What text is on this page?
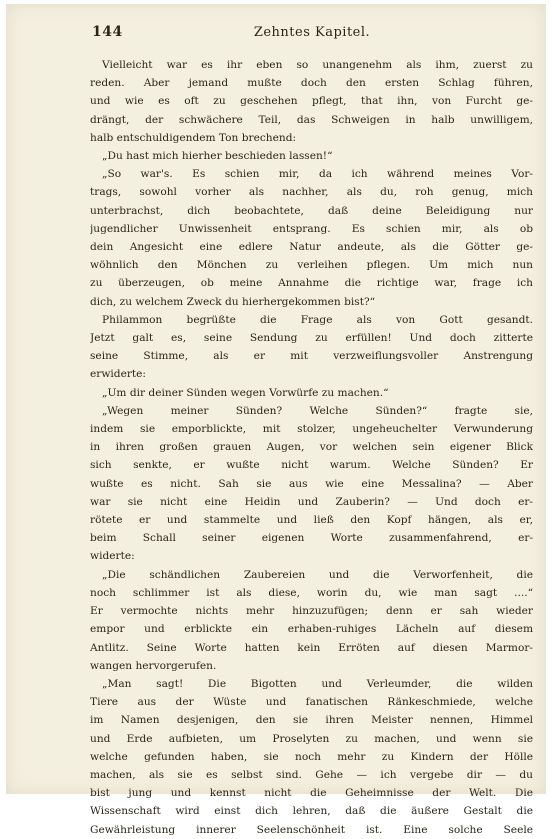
144	Zehntes Kapitel.
Vielleicht war es ihr eben so unangenehm als ihm, zuerst zu
reden. Aber jemand mußte doch den ersten Schlag führen,
und wie es oft zu geschehen pflegt, that ihn, von Furcht ge-
drängt, der schwächere Teil, das Schweigen in halb unwilligem,
halb entschuldigendem Ton brechend:
„Du hast mich hierher beschieden lassen!“
„So war's. Es schien mir, da ich während meines Vor-
trags, sowohl vorher als nachher, als du, roh genug, mich
unterbrachst, dich beobachtete, daß deine Beleidigung nur
jugendlicher Unwissenheit entsprang. Es schien mir, als ob
dein Angesicht eine edlere Natur andeute, als die Götter ge-
wöhnlich den Mönchen zu verleihen pflegen. Um mich nun
zu überzeugen, ob meine Annahme die richtige war, frage ich
dich, zu welchem Zweck du hierhergekommen bist?“
Philammon begrüßte die Frage als von Gott gesandt.
Jetzt galt es, seine Sendung zu erfüllen! Und doch zitterte
seine Stimme, als er mit verzweiflungsvoller Anstrengung
erwiderte:
„Um dir deiner Sünden wegen Vorwürfe zu machen.“
„Wegen meiner Sünden? Welche Sünden?“ fragte sie,
indem sie emporblickte, mit stolzer, ungeheuchelter Verwunderung
in ihren großen grauen Augen, vor welchen sein eigener Blick
sich senkte, er wußte nicht warum. Welche Sünden? Er
wußte es nicht. Sah sie aus wie eine Messalina? — Aber
war sie nicht eine Heidin und Zauberin? — Und doch er-
rötete er und stammelte und ließ den Kopf hängen, als er,
beim Schall seiner eigenen Worte zusammenfahrend, er-
widerte:
„Die schändlichen Zaubereien und die Verworfenheit, die
noch schlimmer ist als diese, worin du, wie man sagt ....“
Er vermochte nichts mehr hinzuzufügen; denn er sah wieder
empor und erblickte ein erhaben-ruhiges Lächeln auf diesem
Antlitz. Seine Worte hatten kein Erröten auf diesen Marmor-
wangen hervorgerufen.
„Man sagt! Die Bigotten und Verleumder, die wilden
Tiere aus der Wüste und fanatischen Ränkeschmiede, welche
im Namen desjenigen, den sie ihren Meister nennen, Himmel
und Erde aufbieten, um Proselyten zu machen, und wenn sie
welche gefunden haben, sie noch mehr zu Kindern der Hölle
machen, als sie es selbst sind. Gehe — ich vergebe dir — du
bist jung und kennst nicht die Geheimnisse der Welt. Die
Wissenschaft wird einst dich lehren, daß die äußere Gestalt die
Gewährleistung innerer Seelenschönheit ist. Eine solche Seele
